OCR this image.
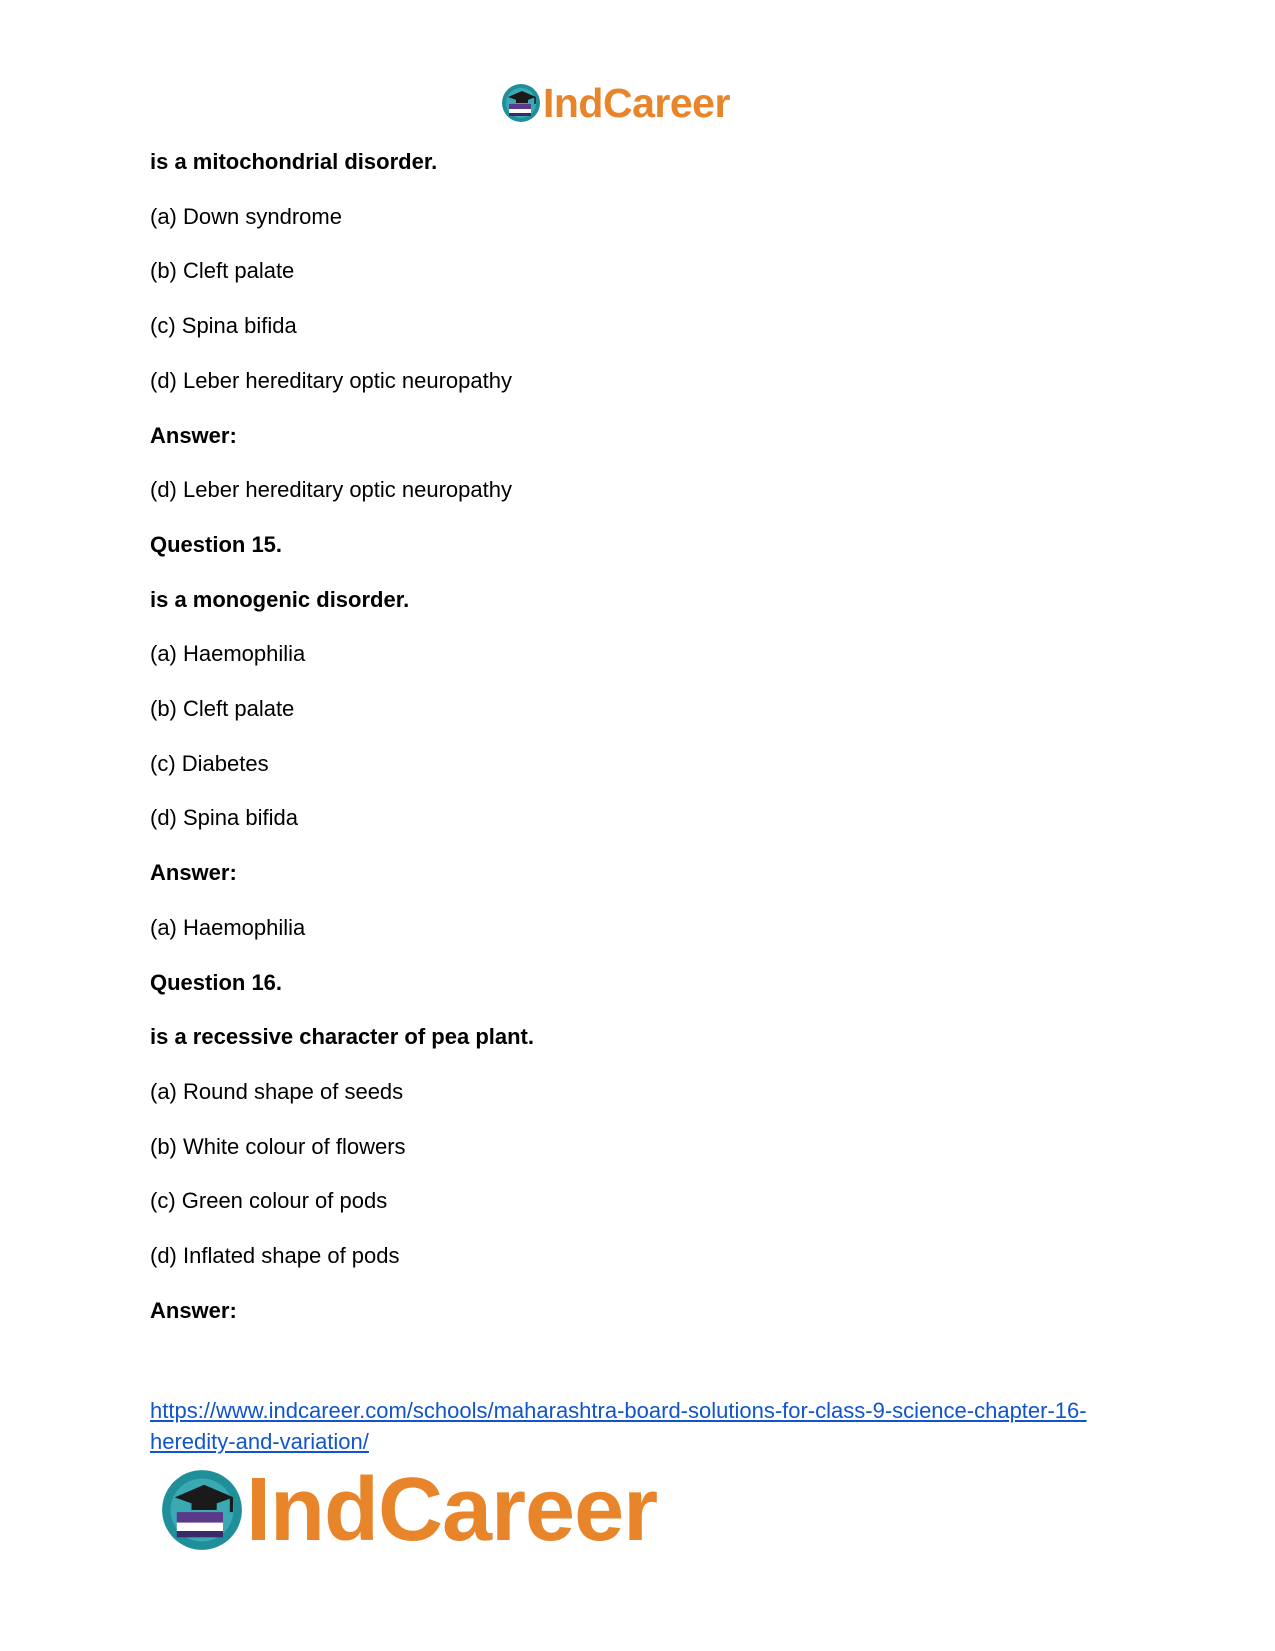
IndCareer
is a mitochondrial disorder.
(a) Down syndrome
(b) Cleft palate
(c) Spina bifida
(d) Leber hereditary optic neuropathy
Answer:
(d) Leber hereditary optic neuropathy
Question 15.
is a monogenic disorder.
(a) Haemophilia
(b) Cleft palate
(c) Diabetes
(d) Spina bifida
Answer:
(a) Haemophilia
Question 16.
is a recessive character of pea plant.
(a) Round shape of seeds
(b) White colour of flowers
(c) Green colour of pods
(d) Inflated shape of pods
Answer:
https://www.indcareer.com/schools/maharashtra-board-solutions-for-class-9-science-chapter-16-heredity-and-variation/
IndCareer
